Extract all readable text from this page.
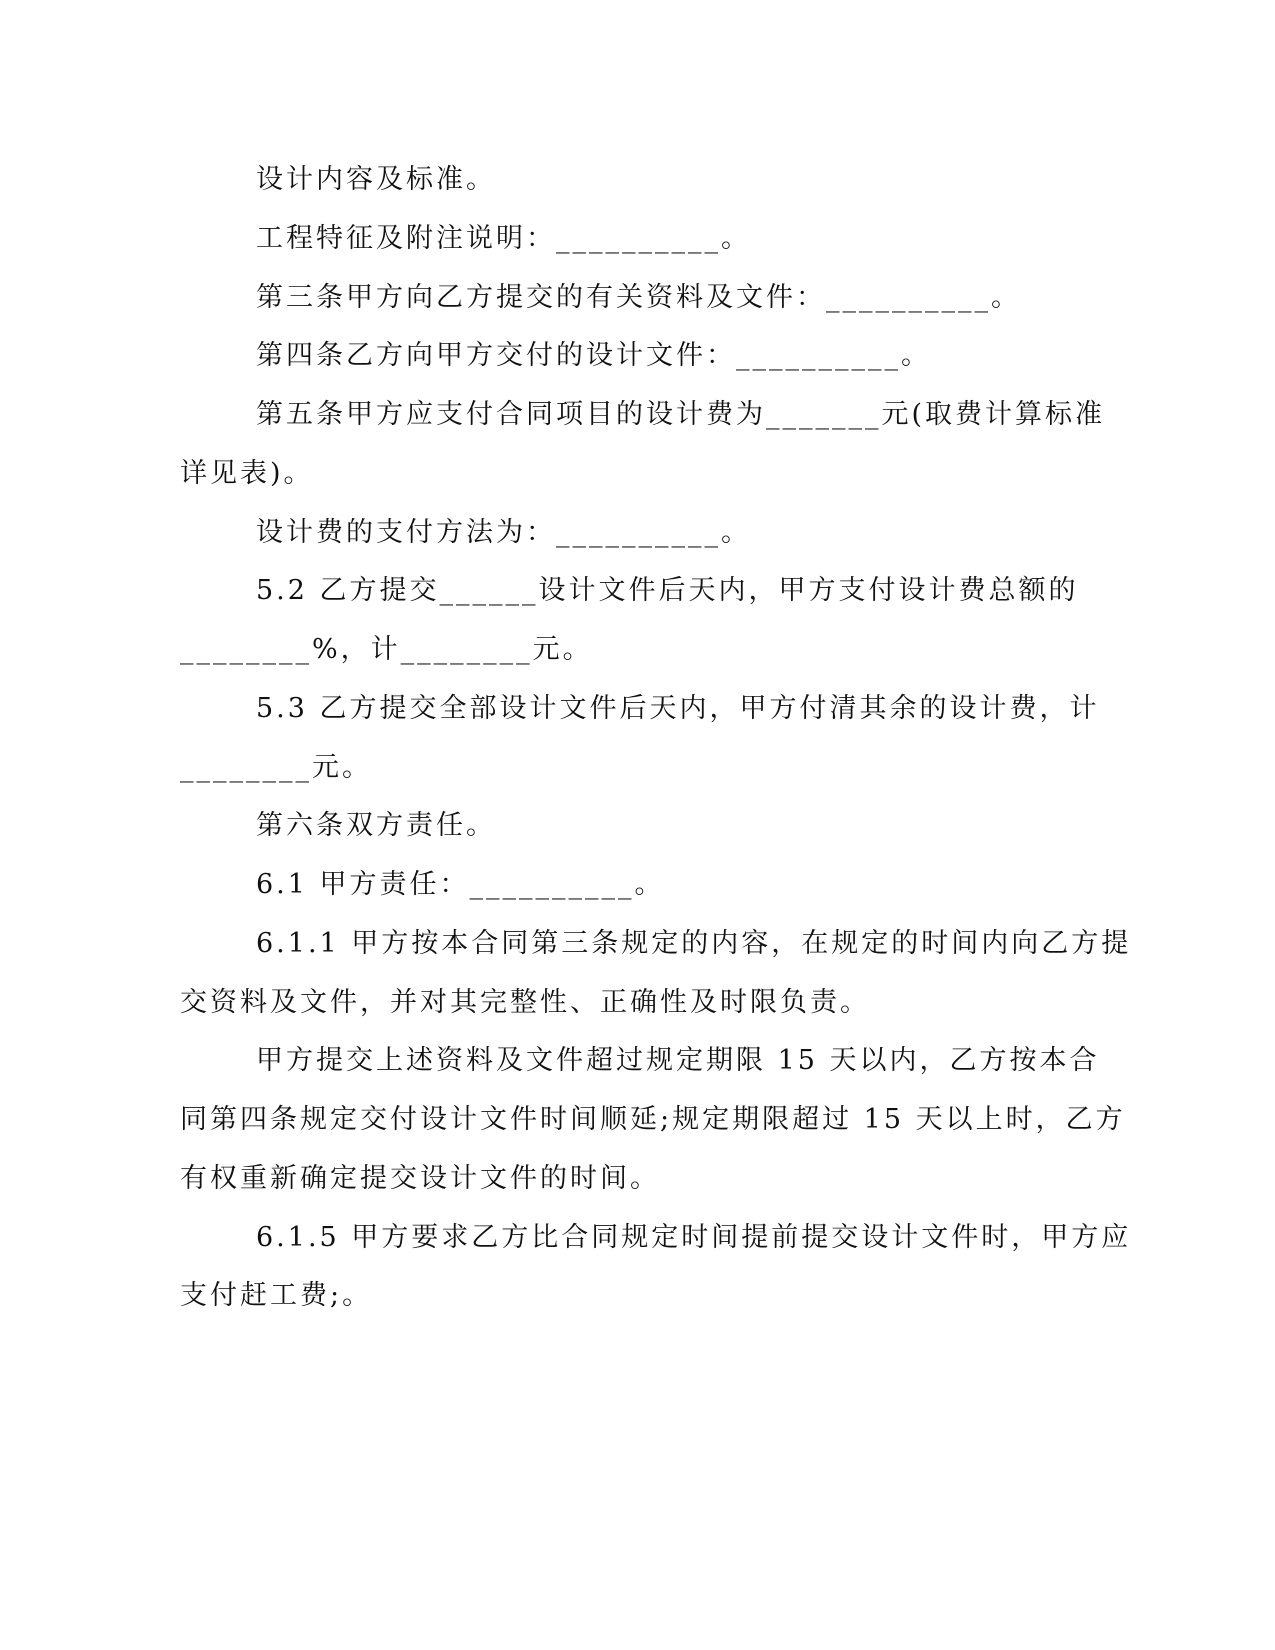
设计内容及标准。
工程特征及附注说明：__________。
第三条甲方向乙方提交的有关资料及文件：__________。
第四条乙方向甲方交付的设计文件：__________。
第五条甲方应支付合同项目的设计费为_______元(取费计算标准
详见表)。
设计费的支付方法为：__________。
5.2 乙方提交______设计文件后天内，甲方支付设计费总额的
________%，计________元。
5.3 乙方提交全部设计文件后天内，甲方付清其余的设计费，计
________元。
第六条双方责任。
6.1 甲方责任：__________。
6.1.1 甲方按本合同第三条规定的内容，在规定的时间内向乙方提
交资料及文件，并对其完整性、正确性及时限负责。
甲方提交上述资料及文件超过规定期限 15 天以内，乙方按本合
同第四条规定交付设计文件时间顺延;规定期限超过 15 天以上时，乙方
有权重新确定提交设计文件的时间。
6.1.5 甲方要求乙方比合同规定时间提前提交设计文件时，甲方应
支付赶工费;。
